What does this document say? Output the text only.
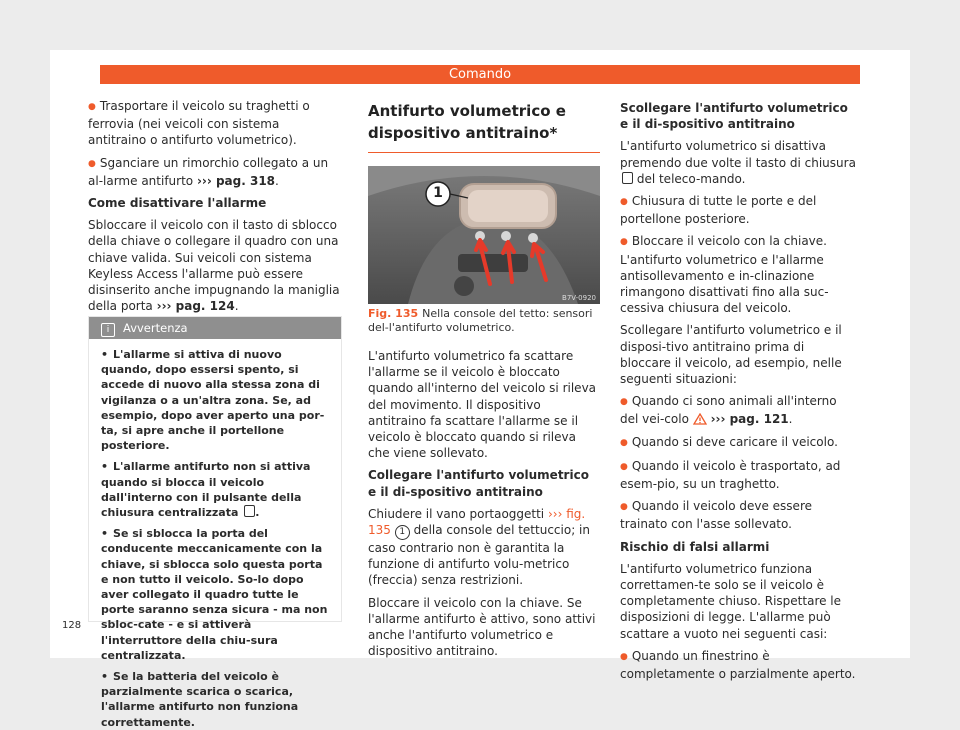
Comando

● Trasportare il veicolo su traghetti o ferrovia (nei veicoli con sistema antitraino o antifurto volumetrico).

● Sganciare un rimorchio collegato a un al-larme antifurto ››› pag. 318.

Come disattivare l'allarme

Sbloccare il veicolo con il tasto di sblocco della chiave o collegare il quadro con una chiave valida. Sui veicoli con sistema Keyless Access l'allarme può essere disinserito anche impugnando la maniglia della porta ››› pag. 124.

i Avvertenza

• L'allarme si attiva di nuovo quando, dopo essersi spento, si accede di nuovo alla stessa zona di vigilanza o a un'altra zona. Se, ad esempio, dopo aver aperto una por-ta, si apre anche il portellone posteriore.

• L'allarme antifurto non si attiva quando si blocca il veicolo dall'interno con il pulsante della chiusura centralizzata .

• Se si sblocca la porta del conducente meccanicamente con la chiave, si sblocca solo questa porta e non tutto il veicolo. So-lo dopo aver collegato il quadro tutte le porte saranno senza sicura - ma non sbloc-cate - e si attiverà l'interruttore della chiu-sura centralizzata.

• Se la batteria del veicolo è parzialmente scarica o scarica, l'allarme antifurto non funziona correttamente.

Antifurto volumetrico e dispositivo antitraino*
1
B7V-0920
Fig. 135 Nella console del tetto: sensori del-l'antifurto volumetrico.

L'antifurto volumetrico fa scattare l'allarme se il veicolo è bloccato quando all'interno del veicolo si rileva del movimento. Il dispositivo antitraino fa scattare l'allarme se il veicolo è bloccato quando si rileva che viene sollevato.

Collegare l'antifurto volumetrico e il di-spositivo antitraino

Chiudere il vano portaoggetti ››› fig. 135 1 della console del tettuccio; in caso contrario non è garantita la funzione di antifurto volu-metrico (freccia) senza restrizioni.

Bloccare il veicolo con la chiave. Se l'allarme antifurto è attivo, sono attivi anche l'antifurto volumetrico e dispositivo antitraino.

Scollegare l'antifurto volumetrico e il di-spositivo antitraino

L'antifurto volumetrico si disattiva premendo due volte il tasto di chiusura  del teleco-mando.

● Chiusura di tutte le porte e del portellone posteriore.

● Bloccare il veicolo con la chiave. L'antifurto volumetrico e l'allarme antisollevamento e in-clinazione rimangono disattivati fino alla suc-cessiva chiusura del veicolo.

Scollegare l'antifurto volumetrico e il disposi-tivo antitraino prima di bloccare il veicolo, ad esempio, nelle seguenti situazioni:

● Quando ci sono animali all'interno del vei-colo ››› pag. 121.

● Quando si deve caricare il veicolo.

● Quando il veicolo è trasportato, ad esem-pio, su un traghetto.

● Quando il veicolo deve essere trainato con l'asse sollevato.

Rischio di falsi allarmi

L'antifurto volumetrico funziona correttamen-te solo se il veicolo è completamente chiuso. Rispettare le disposizioni di legge. L'allarme può scattare a vuoto nei seguenti casi:

● Quando un finestrino è completamente o parzialmente aperto.

128
